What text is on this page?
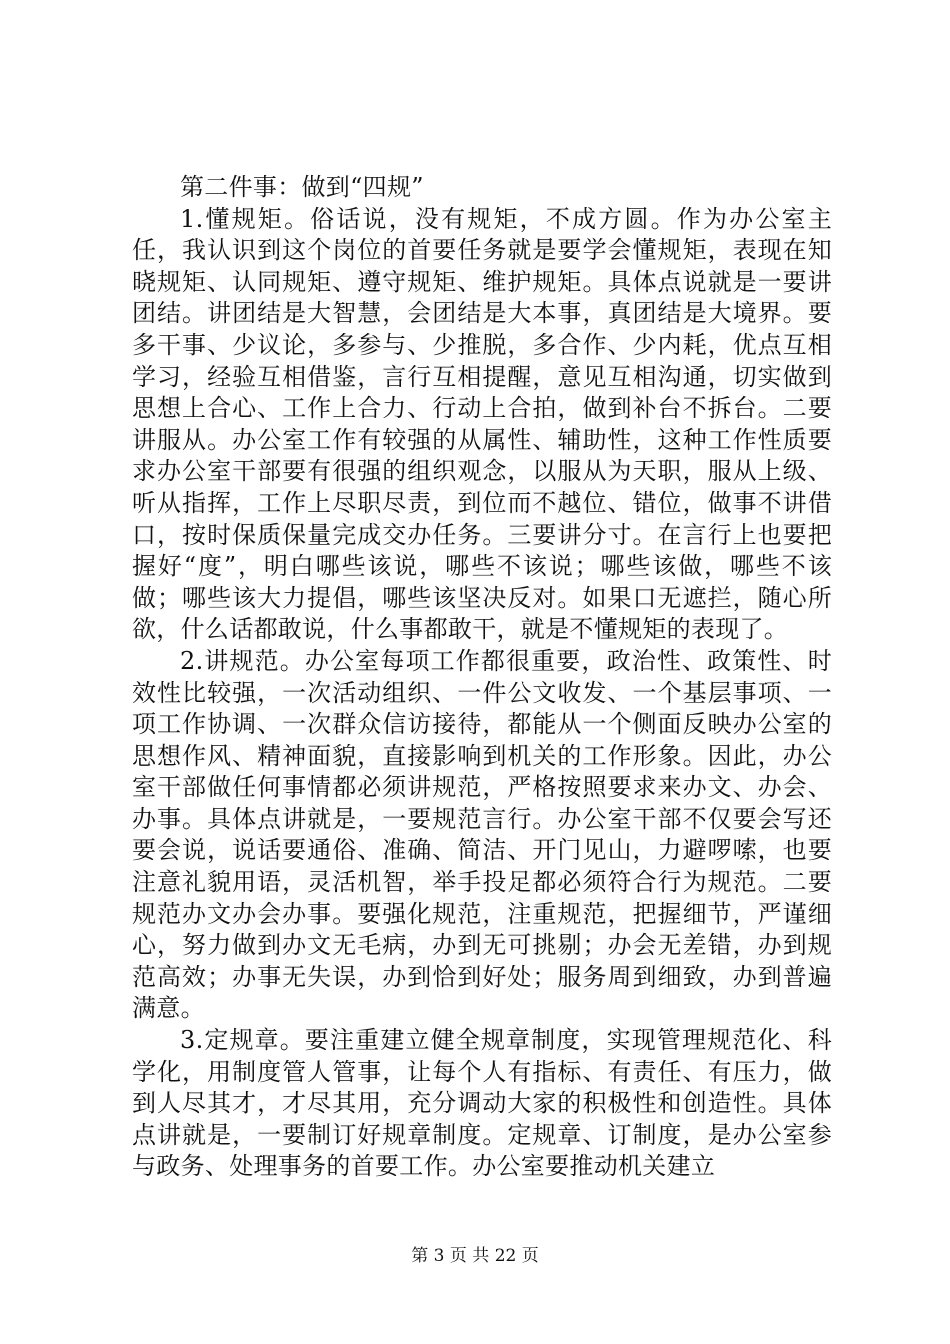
第二件事：做到“四规”

1.懂规矩。俗话说，没有规矩，不成方圆。作为办公室主任，我认识到这个岗位的首要任务就是要学会懂规矩，表现在知晓规矩、认同规矩、遵守规矩、维护规矩。具体点说就是一要讲团结。讲团结是大智慧，会团结是大本事，真团结是大境界。要多干事、少议论，多参与、少推脱，多合作、少内耗，优点互相学习，经验互相借鉴，言行互相提醒，意见互相沟通，切实做到思想上合心、工作上合力、行动上合拍，做到补台不拆台。二要讲服从。办公室工作有较强的从属性、辅助性，这种工作性质要求办公室干部要有很强的组织观念，以服从为天职，服从上级、听从指挥，工作上尽职尽责，到位而不越位、错位，做事不讲借口，按时保质保量完成交办任务。三要讲分寸。在言行上也要把握好“度”，明白哪些该说，哪些不该说；哪些该做，哪些不该做；哪些该大力提倡，哪些该坚决反对。如果口无遮拦，随心所欲，什么话都敢说，什么事都敢干，就是不懂规矩的表现了。

2.讲规范。办公室每项工作都很重要，政治性、政策性、时效性比较强，一次活动组织、一件公文收发、一个基层事项、一项工作协调、一次群众信访接待，都能从一个侧面反映办公室的思想作风、精神面貌，直接影响到机关的工作形象。因此，办公室干部做任何事情都必须讲规范，严格按照要求来办文、办会、办事。具体点讲就是，一要规范言行。办公室干部不仅要会写还要会说，说话要通俗、准确、简洁、开门见山，力避啰嗦，也要注意礼貌用语，灵活机智，举手投足都必须符合行为规范。二要规范办文办会办事。要强化规范，注重规范，把握细节，严谨细心，努力做到办文无毛病，办到无可挑剔；办会无差错，办到规范高效；办事无失误，办到恰到好处；服务周到细致，办到普遍满意。

3.定规章。要注重建立健全规章制度，实现管理规范化、科学化，用制度管人管事，让每个人有指标、有责任、有压力，做到人尽其才，才尽其用，充分调动大家的积极性和创造性。具体点讲就是，一要制订好规章制度。定规章、订制度，是办公室参与政务、处理事务的首要工作。办公室要推动机关建立

第 3 页 共 22 页
